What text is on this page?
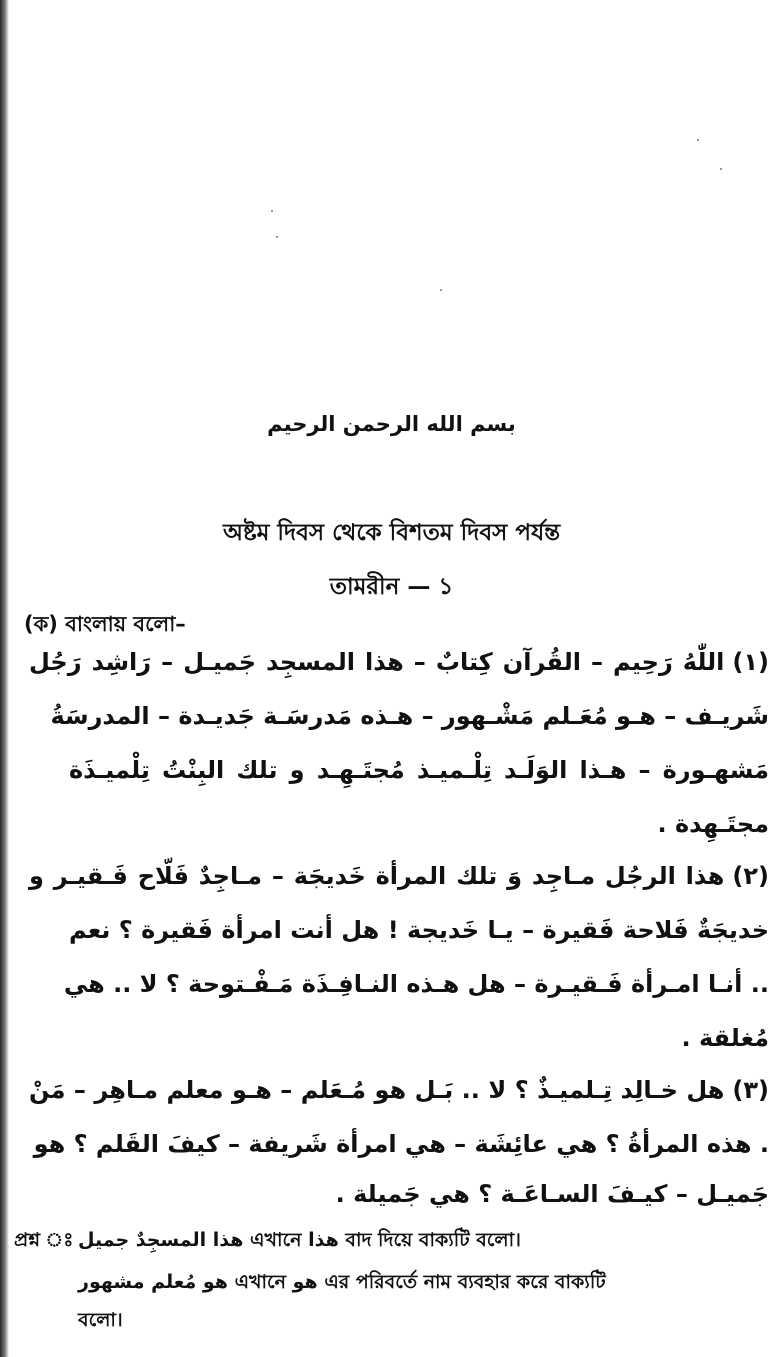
بسم الله الرحمن الرحيم
অষ্টম দিবস থেকে বিশতম দিবস পর্যন্ত
তামরীন — ১
(ক) বাংলায় বলো–
(١)اللّٰهُ رَحِيم – القُرآن كِتابٌ – هذا المسجِد جَميـل – رَاشِد رَجُل
شَريـف – هـو مُعَـلم مَشْـهور – هـذه مَدرسَـة جَديـدة – المدرسَةُ
مَشهـورة – هـذا الوَلَـد تِلْـميـذ مُجتَـهِـد و تلك البِنْتُ تِلْميـذَة
مجتَـهِدة .
(٢)هذا الرجُل مـاجِد وَ تلك المرأة خَديجَة – مـاجِدٌ فَلّاح فَـقيـر و
خديجَةٌ فَلاحة فَقيرة – يـا خَديجة ! هل أنت امرأة فَقيرة ؟ نعم
.. أنـا امـرأة فَـقيـرة – هل هـذه النـافِـذَة مَـفْـتوحة ؟ لا .. هي
مُغلقة .
(٣)هل خـالِد تِـلميـذٌ ؟ لا .. بَـل هو مُـعَلم – هـو معلم مـاهِر – مَنْ
. هذه المرأةُ ؟ هي عائِشَة – هي امرأة شَريفة – كيفَ القَلم ؟ هو
جَميـل – كيـفَ السـاعَـة ؟ هي جَميلة .
প্রশ্ন ঃ هذا المسجِدٌ جميل এখানে هذا বাদ দিয়ে বাক্যটি বলো।
هو مُعلم مشهور এখানে هو এর পরিবর্তে নাম ব্যবহার করে বাক্যটি
বলো।
